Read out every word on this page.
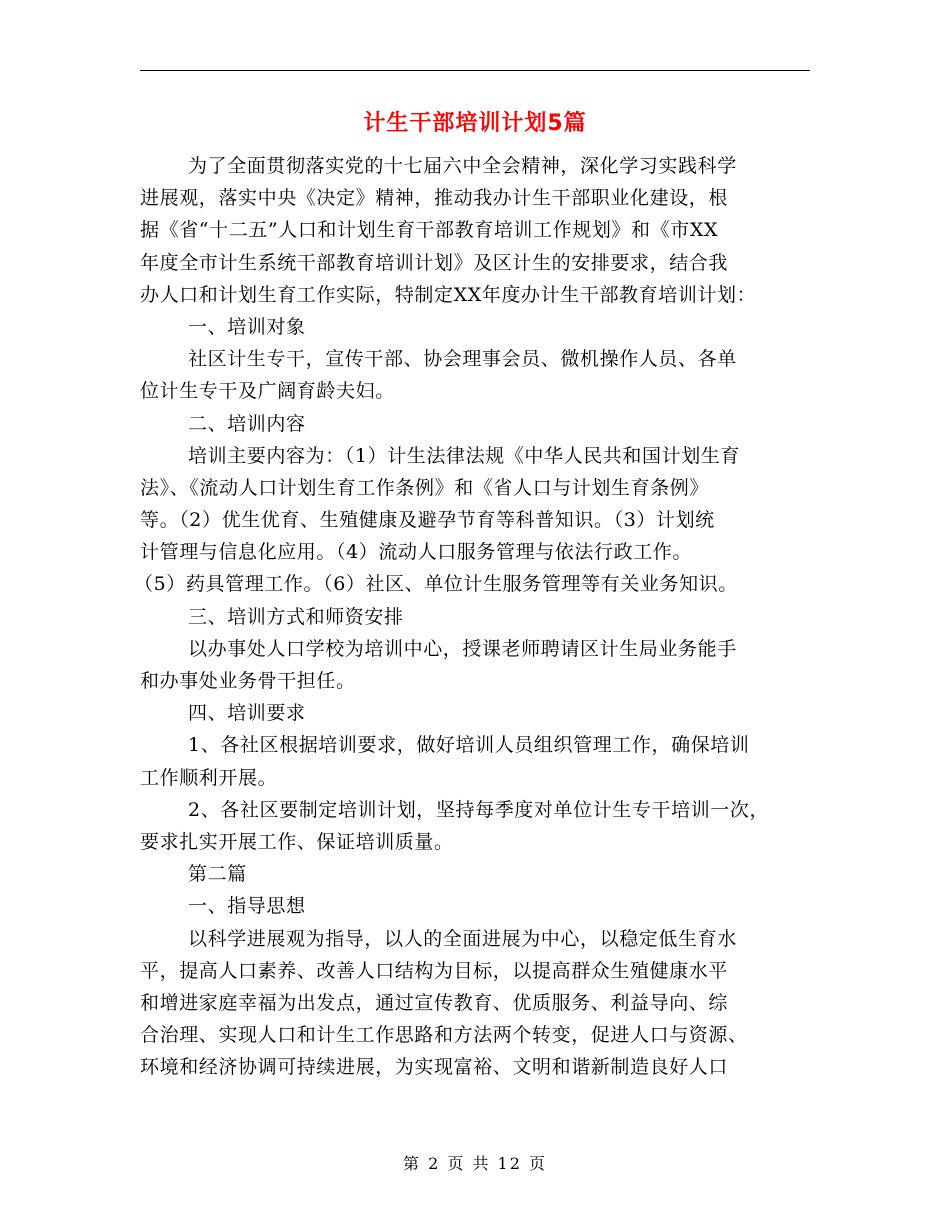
计生干部培训计划5篇
为了全面贯彻落实党的十七届六中全会精神，深化学习实践科学
进展观，落实中央《决定》精神，推动我办计生干部职业化建设，根
据《省“十二五”人口和计划生育干部教育培训工作规划》和《市XX
年度全市计生系统干部教育培训计划》及区计生的安排要求，结合我
办人口和计划生育工作实际，特制定XX年度办计生干部教育培训计划：
一、培训对象
社区计生专干，宣传干部、协会理事会员、微机操作人员、各单
位计生专干及广阔育龄夫妇。
二、培训内容
培训主要内容为：（1）计生法律法规《中华人民共和国计划生育
法》、《流动人口计划生育工作条例》和《省人口与计划生育条例》
等。（2）优生优育、生殖健康及避孕节育等科普知识。（3）计划统
计管理与信息化应用。（4）流动人口服务管理与依法行政工作。
（5）药具管理工作。（6）社区、单位计生服务管理等有关业务知识。
三、培训方式和师资安排
以办事处人口学校为培训中心，授课老师聘请区计生局业务能手
和办事处业务骨干担任。
四、培训要求
1、各社区根据培训要求，做好培训人员组织管理工作，确保培训
工作顺利开展。
2、各社区要制定培训计划，坚持每季度对单位计生专干培训一次，
要求扎实开展工作、保证培训质量。
第二篇
一、指导思想
以科学进展观为指导，以人的全面进展为中心，以稳定低生育水
平，提高人口素养、改善人口结构为目标，以提高群众生殖健康水平
和增进家庭幸福为出发点，通过宣传教育、优质服务、利益导向、综
合治理、实现人口和计生工作思路和方法两个转变，促进人口与资源、
环境和经济协调可持续进展，为实现富裕、文明和谐新制造良好人口
第 2 页 共 12 页
